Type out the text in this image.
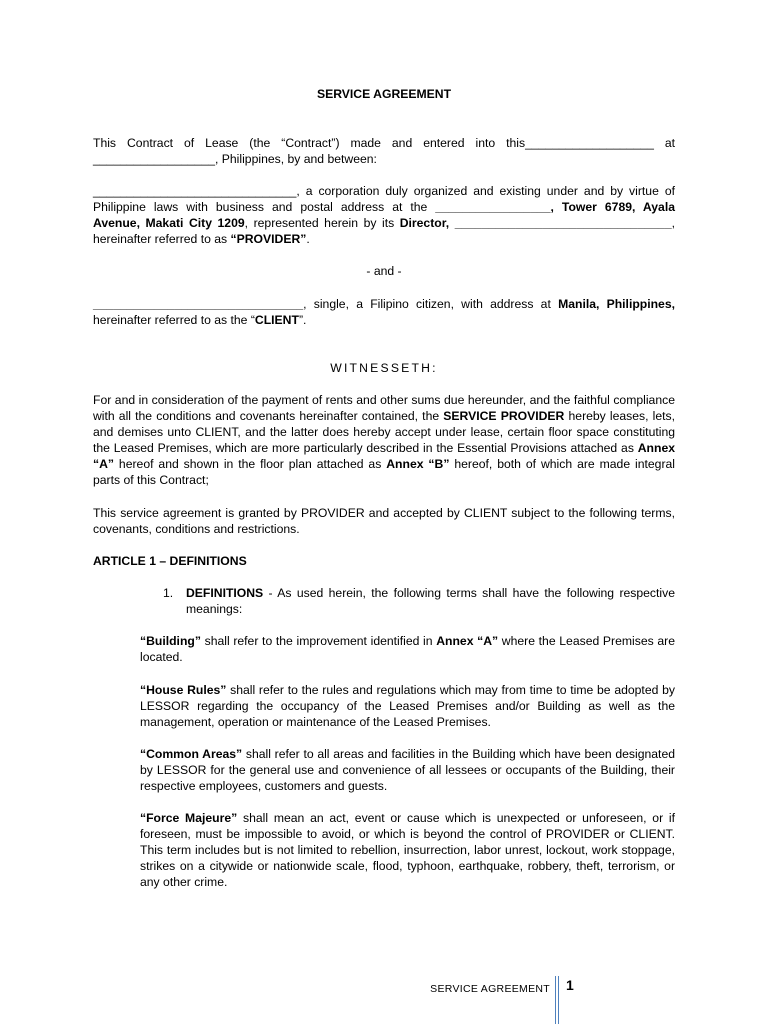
SERVICE AGREEMENT
This Contract of Lease (the “Contract”) made and entered into this___________________ at
__________________, Philippines, by and between:
______________________________, a corporation duly organized and existing under and by virtue of
Philippine laws with business and postal address at the _________________, Tower 6789, Ayala
Avenue, Makati City 1209, represented herein by its Director, ________________________________,
hereinafter referred to as “PROVIDER”.
- and -
_______________________________, single, a Filipino citizen, with address at Manila, Philippines,
hereinafter referred to as the “CLIENT”.
WITNESSETH:
For and in consideration of the payment of rents and other sums due hereunder, and the faithful compliance with all the conditions and covenants hereinafter contained, the SERVICE PROVIDER hereby leases, lets, and demises unto CLIENT, and the latter does hereby accept under lease, certain floor space constituting the Leased Premises, which are more particularly described in the Essential Provisions attached as Annex “A” hereof and shown in the floor plan attached as Annex “B” hereof, both of which are made integral parts of this Contract;
This service agreement is granted by PROVIDER and accepted by CLIENT subject to the following terms, covenants, conditions and restrictions.
ARTICLE 1 – DEFINITIONS
1. DEFINITIONS - As used herein, the following terms shall have the following respective meanings:
“Building” shall refer to the improvement identified in Annex “A” where the Leased Premises are located.
“House Rules” shall refer to the rules and regulations which may from time to time be adopted by LESSOR regarding the occupancy of the Leased Premises and/or Building as well as the management, operation or maintenance of the Leased Premises.
“Common Areas” shall refer to all areas and facilities in the Building which have been designated by LESSOR for the general use and convenience of all lessees or occupants of the Building, their respective employees, customers and guests.
“Force Majeure” shall mean an act, event or cause which is unexpected or unforeseen, or if foreseen, must be impossible to avoid, or which is beyond the control of PROVIDER or CLIENT. This term includes but is not limited to rebellion, insurrection, labor unrest, lockout, work stoppage, strikes on a citywide or nationwide scale, flood, typhoon, earthquake, robbery, theft, terrorism, or any other crime.
SERVICE AGREEMENT 1
